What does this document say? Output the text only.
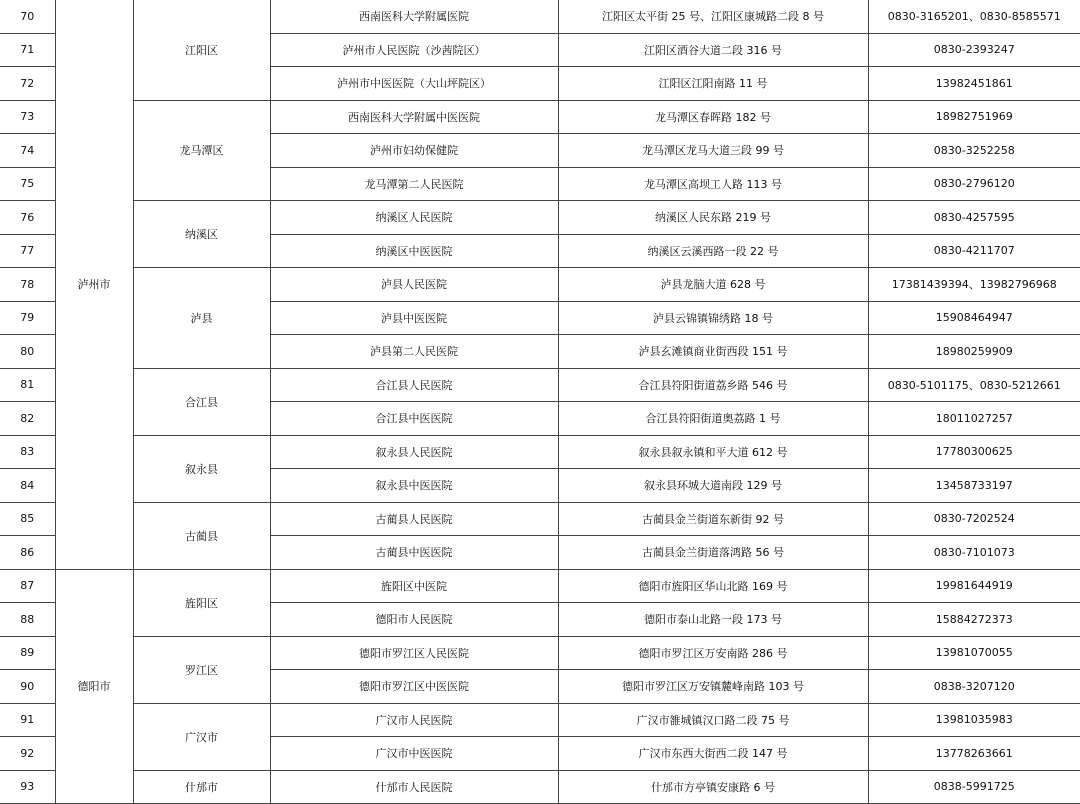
70	泸州市	江阳区	西南医科大学附属医院	江阳区太平街 25 号、江阳区康城路二段 8 号	0830-3165201、0830-8585571
71			泸州市人民医院（沙茜院区）	江阳区酒谷大道二段 316 号	0830-2393247
72			泸州市中医医院（大山坪院区）	江阳区江阳南路 11 号	13982451861
73		龙马潭区	西南医科大学附属中医医院	龙马潭区春晖路 182 号	18982751969
74			泸州市妇幼保健院	龙马潭区龙马大道三段 99 号	0830-3252258
75			龙马潭第二人民医院	龙马潭区高坝工人路 113 号	0830-2796120
76		纳溪区	纳溪区人民医院	纳溪区人民东路 219 号	0830-4257595
77			纳溪区中医医院	纳溪区云溪西路一段 22 号	0830-4211707
78		泸县	泸县人民医院	泸县龙脑大道 628 号	17381439394、13982796968
79			泸县中医医院	泸县云锦镇锦绣路 18 号	15908464947
80			泸县第二人民医院	泸县玄滩镇商业街西段 151 号	18980259909
81		合江县	合江县人民医院	合江县符阳街道荔乡路 546 号	0830-5101175、0830-5212661
82			合江县中医医院	合江县符阳街道奥荔路 1 号	18011027257
83		叙永县	叙永县人民医院	叙永县叙永镇和平大道 612 号	17780300625
84			叙永县中医医院	叙永县环城大道南段 129 号	13458733197
85		古蔺县	古蔺县人民医院	古蔺县金兰街道东新街 92 号	0830-7202524
86			古蔺县中医医院	古蔺县金兰街道落鸿路 56 号	0830-7101073
87	德阳市	旌阳区	旌阳区中医院	德阳市旌阳区华山北路 169 号	19981644919
88			德阳市人民医院	德阳市泰山北路一段 173 号	15884272373
89		罗江区	德阳市罗江区人民医院	德阳市罗江区万安南路 286 号	13981070055
90			德阳市罗江区中医医院	德阳市罗江区万安镇麓峰南路 103 号	0838-3207120
91		广汉市	广汉市人民医院	广汉市雒城镇汉口路二段 75 号	13981035983
92			广汉市中医医院	广汉市东西大街西二段 147 号	13778263661
93		什邡市	什邡市人民医院	什邡市方亭镇安康路 6 号	0838-5991725
